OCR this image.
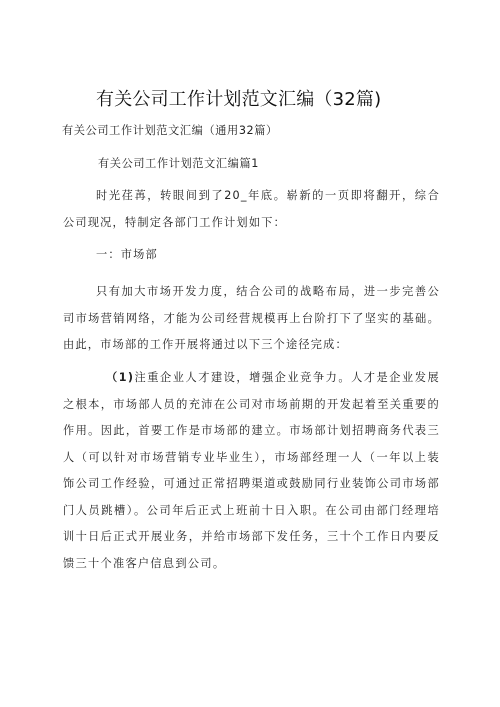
有关公司工作计划范文汇编（32篇)
有关公司工作计划范文汇编（通用32篇）
有关公司工作计划范文汇编篇1

时光荏苒，转眼间到了20_年底。崭新的一页即将翻开，综合公司现况，特制定各部门工作计划如下：

一：市场部

只有加大市场开发力度，结合公司的战略布局，进一步完善公司市场营销网络，才能为公司经营规模再上台阶打下了坚实的基础。由此，市场部的工作开展将通过以下三个途径完成：

（1)注重企业人才建设，增强企业竞争力。人才是企业发展之根本，市场部人员的充沛在公司对市场前期的开发起着至关重要的作用。因此，首要工作是市场部的建立。市场部计划招聘商务代表三人（可以针对市场营销专业毕业生），市场部经理一人（一年以上装饰公司工作经验，可通过正常招聘渠道或鼓励同行业装饰公司市场部门人员跳槽）。公司年后正式上班前十日入职。在公司由部门经理培训十日后正式开展业务，并给市场部下发任务，三十个工作日内要反馈三十个准客户信息到公司。
